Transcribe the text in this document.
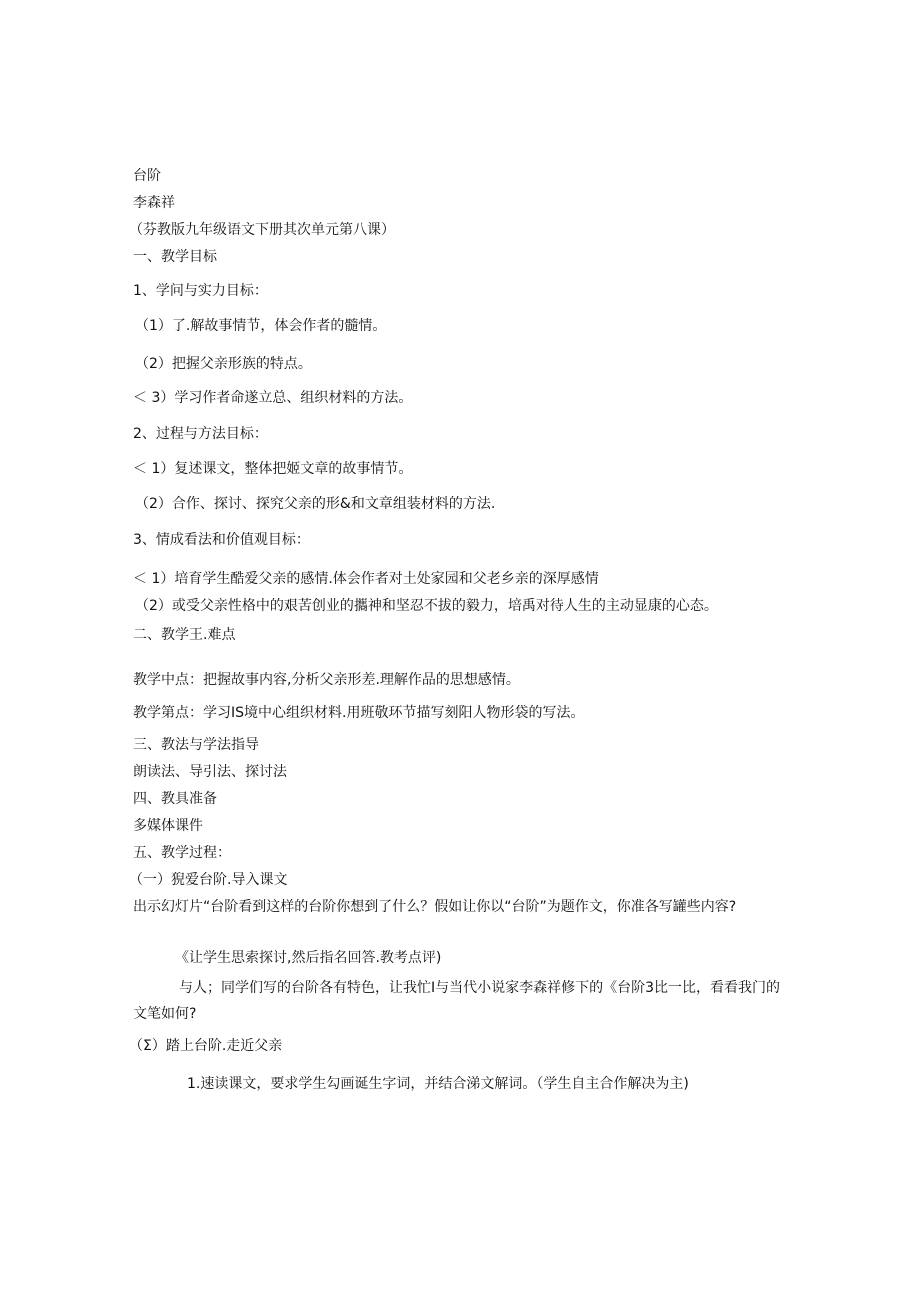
台阶
李森祥
（芬教版九年级语文下册其次单元第八课）
一、教学目标
1、学问与实力目标：
（1）了.解故事情节，体会作者的髓情。
（2）把握父亲形族的特点。
＜ 3）学习作者命遂立总、组织材料的方法。
2、过程与方法目标：
＜ 1）复述课文，整体把姬文章的故事情节。
（2）合作、探讨、探究父亲的形&和文章组装材料的方法.
3、情成看法和价值观目标：
＜ 1）培育学生酷爱父亲的感情.体会作者对土处家园和父老乡亲的深厚感情
（2）或受父亲性格中的艰苦创业的攜神和坚忍不拔的毅力，培禹对待人生的主动显康的心态。
二、教学王.难点
教学中点：把握故事内容,分析父亲形差.理解作品的思想感情。
教学第点：学习IS境中心组织材料.用班敬环节描写刻阳人物形袋的写法。
三、教法与学法指导
朗读法、导引法、探讨法
四、教具准备
多媒体课件
五、教学过程：
（一）猊爱台阶.导入课文
出示幻灯片“台阶看到这样的台阶你想到了什么？假如让你以“台阶”为题作文，你准各写罐些内容?
《让学生思索探讨,然后指名回答.教考点评)
与人；同学们写的台阶各有特色，让我忙I与当代小说家李森祥修下的《台阶3比一比，看看我门的文笔如何?
（Σ）踏上台阶.走近父亲
1.速读课文，要求学生勾画诞生字词，并结合涕文解词。（学生自主合作解决为主)
